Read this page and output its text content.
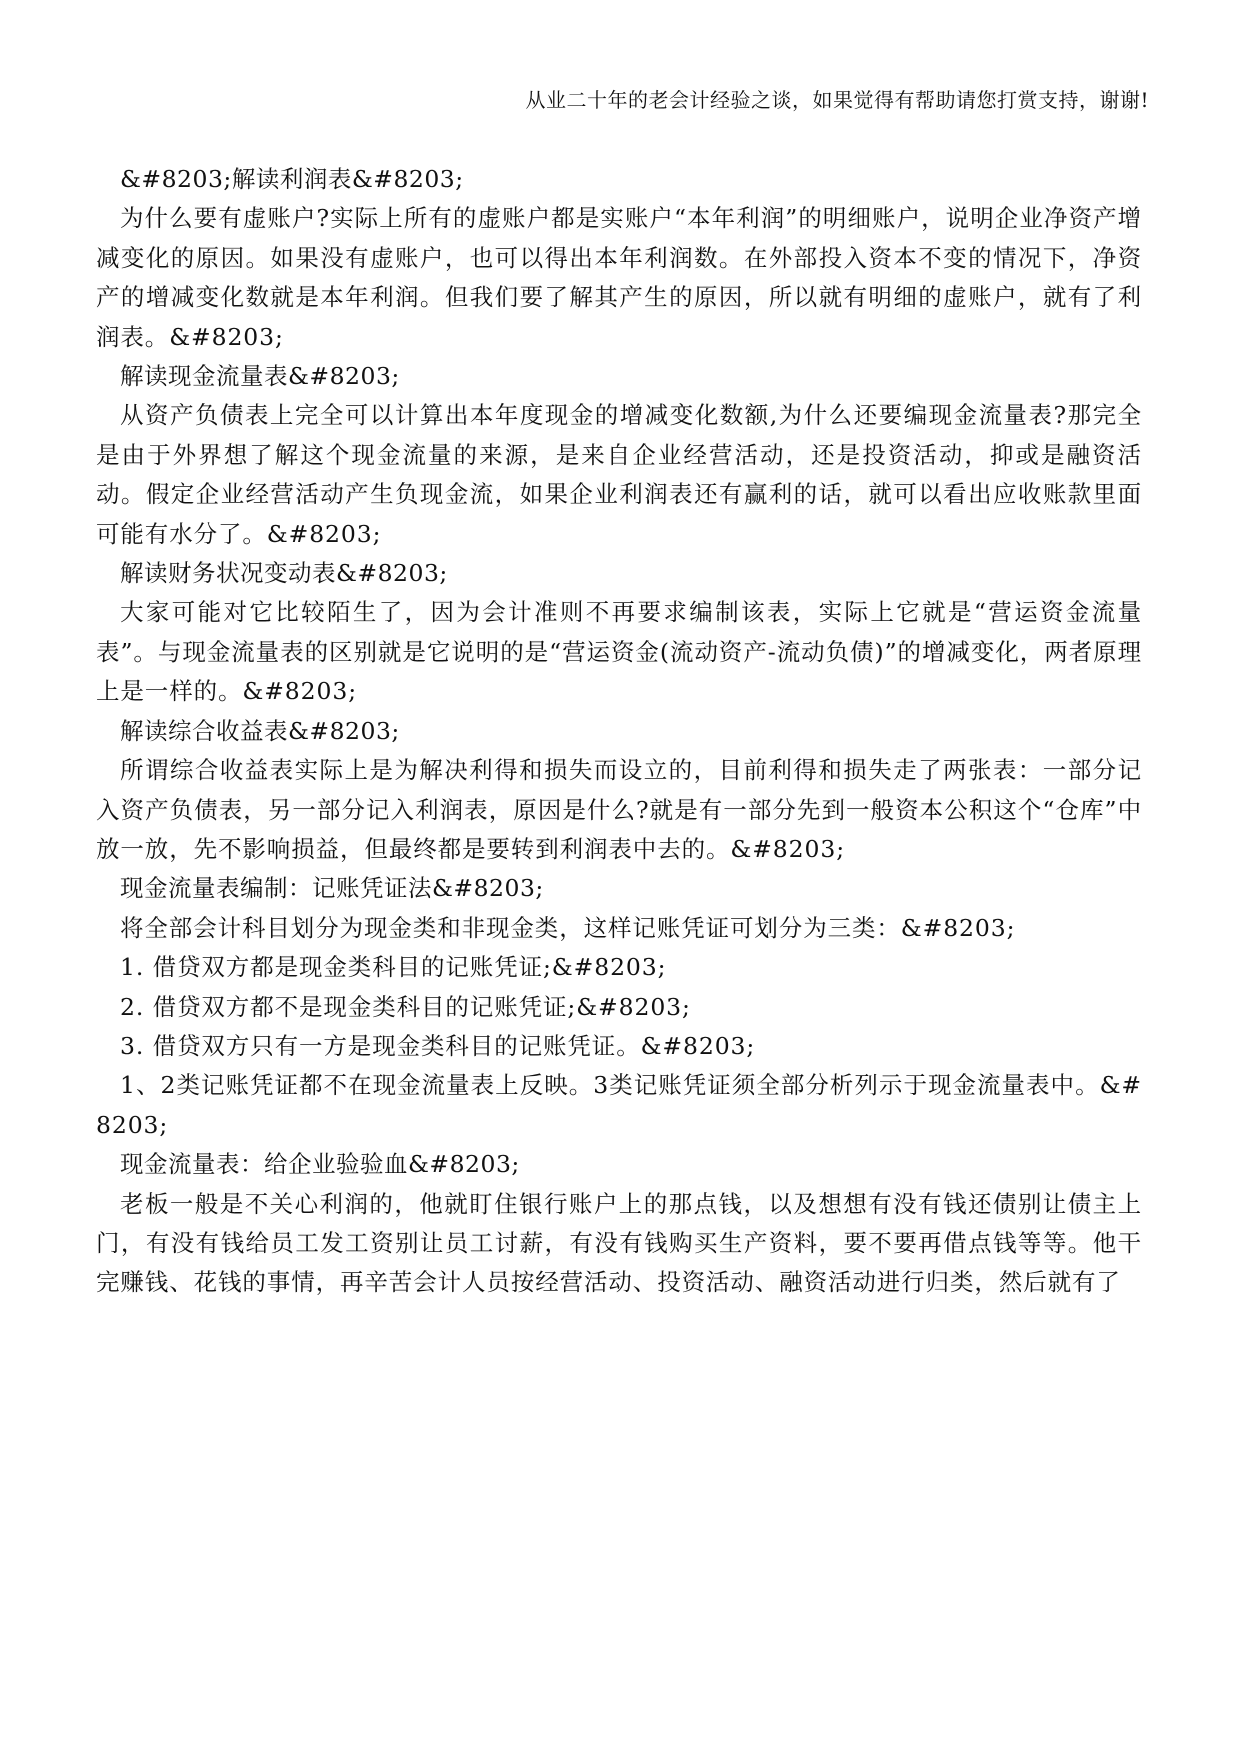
从业二十年的老会计经验之谈，如果觉得有帮助请您打赏支持，谢谢!

&#8203;解读利润表&#8203;

为什么要有虚账户?实际上所有的虚账户都是实账户“本年利润”的明细账户，说明企业净资产增减变化的原因。如果没有虚账户，也可以得出本年利润数。在外部投入资本不变的情况下，净资产的增减变化数就是本年利润。但我们要了解其产生的原因，所以就有明细的虚账户，就有了利润表。&#8203;

解读现金流量表&#8203;

从资产负债表上完全可以计算出本年度现金的增减变化数额,为什么还要编现金流量表?那完全是由于外界想了解这个现金流量的来源，是来自企业经营活动，还是投资活动，抑或是融资活动。假定企业经营活动产生负现金流，如果企业利润表还有赢利的话，就可以看出应收账款里面可能有水分了。&#8203;

解读财务状况变动表&#8203;

大家可能对它比较陌生了，因为会计准则不再要求编制该表，实际上它就是“营运资金流量表”。与现金流量表的区别就是它说明的是“营运资金(流动资产-流动负债)”的增减变化，两者原理上是一样的。&#8203;

解读综合收益表&#8203;

所谓综合收益表实际上是为解决利得和损失而设立的，目前利得和损失走了两张表：一部分记入资产负债表，另一部分记入利润表，原因是什么?就是有一部分先到一般资本公积这个“仓库”中放一放，先不影响损益，但最终都是要转到利润表中去的。&#8203;

现金流量表编制：记账凭证法&#8203;

将全部会计科目划分为现金类和非现金类，这样记账凭证可划分为三类：&#8203;

1. 借贷双方都是现金类科目的记账凭证;&#8203;

2. 借贷双方都不是现金类科目的记账凭证;&#8203;

3. 借贷双方只有一方是现金类科目的记账凭证。&#8203;

1、2类记账凭证都不在现金流量表上反映。3类记账凭证须全部分析列示于现金流量表中。&#8203;

现金流量表：给企业验验血&#8203;

老板一般是不关心利润的，他就盯住银行账户上的那点钱，以及想想有没有钱还债别让债主上门，有没有钱给员工发工资别让员工讨薪，有没有钱购买生产资料，要不要再借点钱等等。他干完赚钱、花钱的事情，再辛苦会计人员按经营活动、投资活动、融资活动进行归类，然后就有了
